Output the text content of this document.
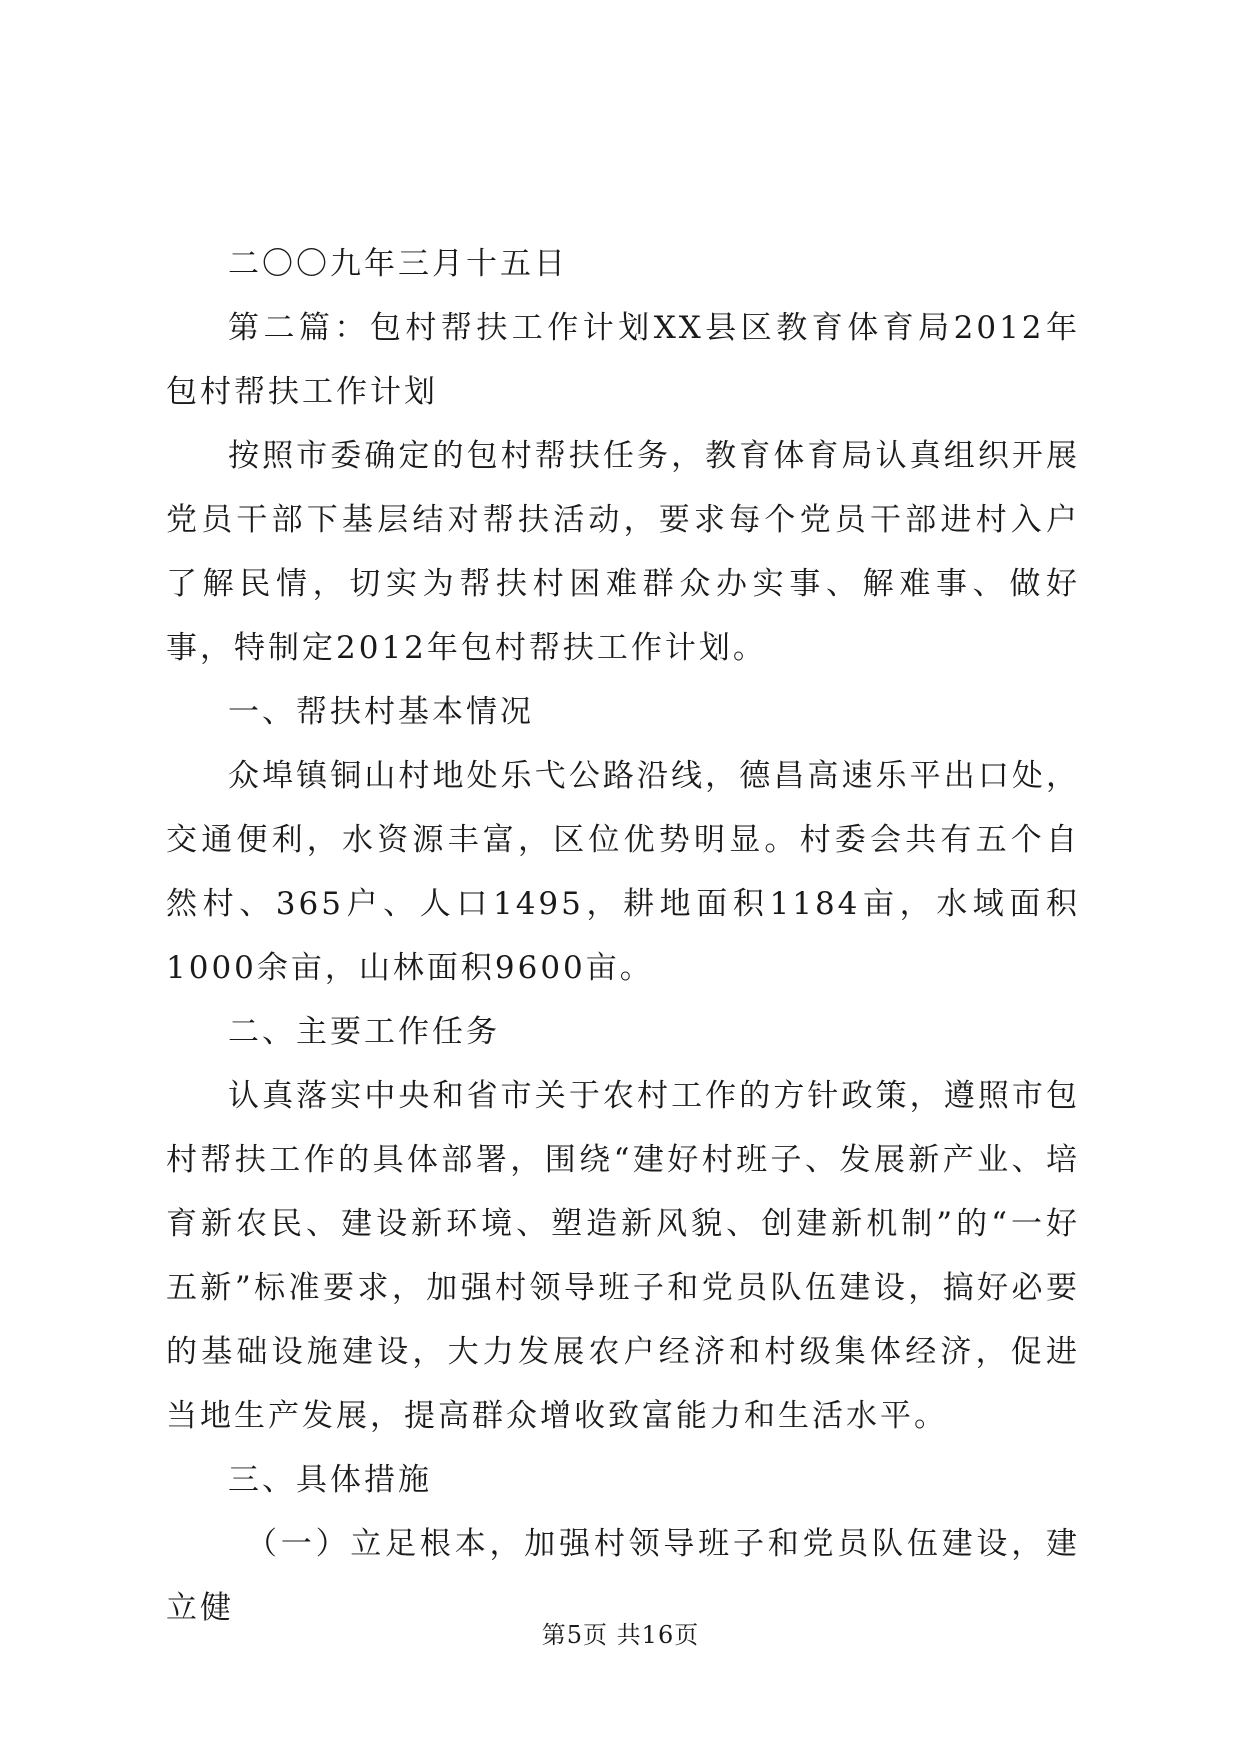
二〇〇九年三月十五日

第二篇：包村帮扶工作计划XX县区教育体育局2012年包村帮扶工作计划

按照市委确定的包村帮扶任务，教育体育局认真组织开展党员干部下基层结对帮扶活动，要求每个党员干部进村入户了解民情，切实为帮扶村困难群众办实事、解难事、做好事，特制定2012年包村帮扶工作计划。

一、帮扶村基本情况

众埠镇铜山村地处乐弋公路沿线，德昌高速乐平出口处，交通便利，水资源丰富，区位优势明显。村委会共有五个自然村、365户、人口1495，耕地面积1184亩，水域面积1000余亩，山林面积9600亩。

二、主要工作任务

认真落实中央和省市关于农村工作的方针政策，遵照市包村帮扶工作的具体部署，围绕“建好村班子、发展新产业、培育新农民、建设新环境、塑造新风貌、创建新机制”的“一好五新”标准要求，加强村领导班子和党员队伍建设，搞好必要的基础设施建设，大力发展农户经济和村级集体经济，促进当地生产发展，提高群众增收致富能力和生活水平。

三、具体措施

（一）立足根本，加强村领导班子和党员队伍建设，建立健

第5页 共16页
